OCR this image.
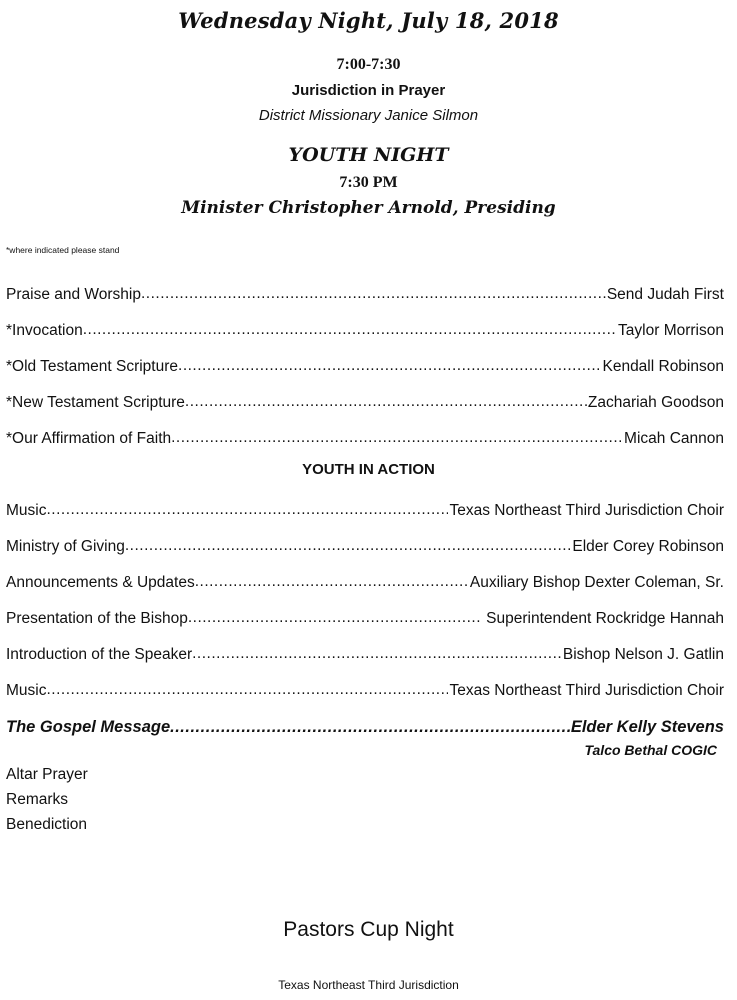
Wednesday Night, July 18, 2018
7:00-7:30
Jurisdiction in Prayer
District Missionary Janice Silmon
YOUTH NIGHT
7:30 PM
Minister Christopher Arnold, Presiding
*where indicated please stand
Praise and Worship .....	Send Judah First
*Invocation .....	Taylor Morrison
*Old Testament Scripture .....	Kendall Robinson
*New Testament Scripture .....	Zachariah Goodson
*Our Affirmation of Faith .....	Micah Cannon
YOUTH IN ACTION
Music .....	Texas Northeast Third Jurisdiction Choir
Ministry of Giving .....	Elder Corey Robinson
Announcements & Updates .....	Auxiliary Bishop Dexter Coleman, Sr.
Presentation of the Bishop .....	Superintendent Rockridge Hannah
Introduction of the Speaker .....	Bishop Nelson J. Gatlin
Music .....	Texas Northeast Third Jurisdiction Choir
The Gospel Message .....	Elder Kelly Stevens
Talco Bethal COGIC
Altar Prayer
Remarks
Benediction
Pastors Cup Night
Texas Northeast Third Jurisdiction
